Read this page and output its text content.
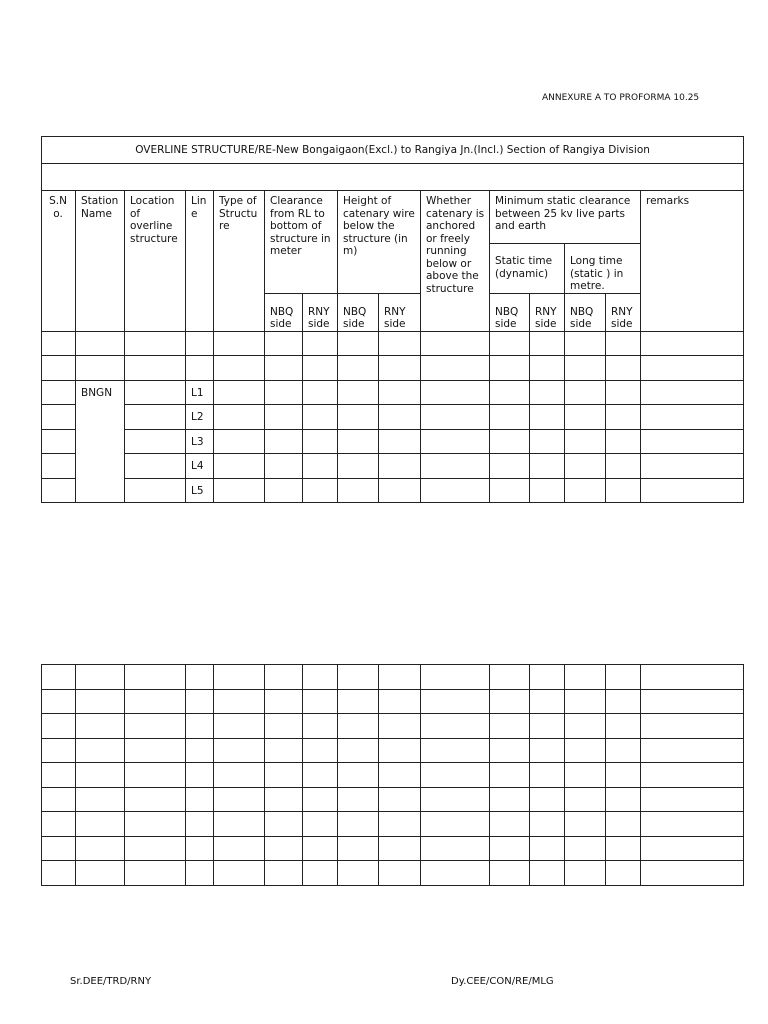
ANNEXURE A TO PROFORMA 10.25
OVERLINE STRUCTURE/RE-New Bongaigaon(Excl.) to Rangiya Jn.(Incl.) Section of Rangiya Division														

S.No.	Station Name	Location of overline structure	Line	Type of Structure	Clearance from RL to bottom of structure in meter		Height of catenary wire below the structure (in m)		Whether catenary is anchored or freely running below or above the structure	Minimum static clearance between 25 kv live parts and earth				remarks
										Static time(dynamic)		Long time (static ) in metre.		
					NBQ side	RNY side	NBQ side	RNY side		NBQ side	RNY side	NBQ side	RNY side	

	BNGN		L1											
			L2											
			L3											
			L4											
			L5											

Sr.DEE/TRD/RNY	Dy.CEE/CON/RE/MLG
